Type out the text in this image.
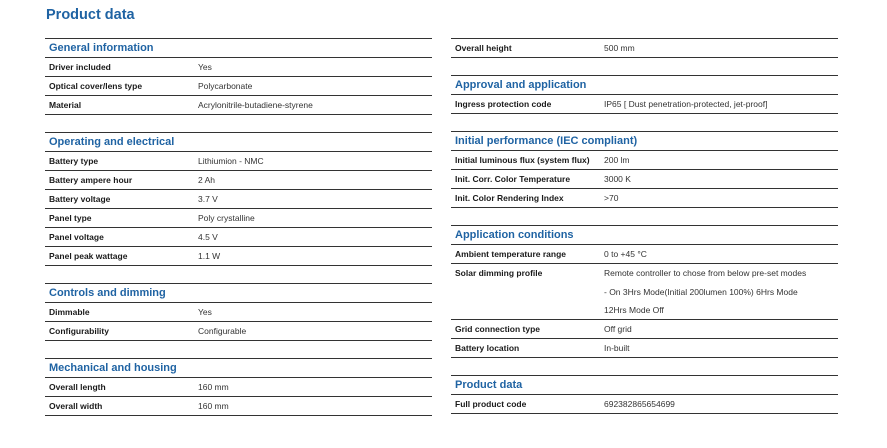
Product data
General information
Driver included	Yes
Optical cover/lens type	Polycarbonate
Material	Acrylonitrile-butadiene-styrene
Operating and electrical
Battery type	Lithiumion - NMC
Battery ampere hour	2 Ah
Battery voltage	3.7 V
Panel type	Poly crystalline
Panel voltage	4.5 V
Panel peak wattage	1.1 W
Controls and dimming
Dimmable	Yes
Configurability	Configurable
Mechanical and housing
Overall length	160 mm
Overall width	160 mm
Overall height	500 mm
Approval and application
Ingress protection code	IP65 [ Dust penetration-protected, jet-proof]
Initial performance (IEC compliant)
Initial luminous flux (system flux)	200 lm
Init. Corr. Color Temperature	3000 K
Init. Color Rendering Index	>70
Application conditions
Ambient temperature range	0 to +45 °C
Solar dimming profile	Remote controller to chose from below pre-set modes
- On 3Hrs Mode(Initial 200lumen 100%) 6Hrs Mode
12Hrs Mode Off
Grid connection type	Off grid
Battery location	In-built
Product data
Full product code	692382865654699
